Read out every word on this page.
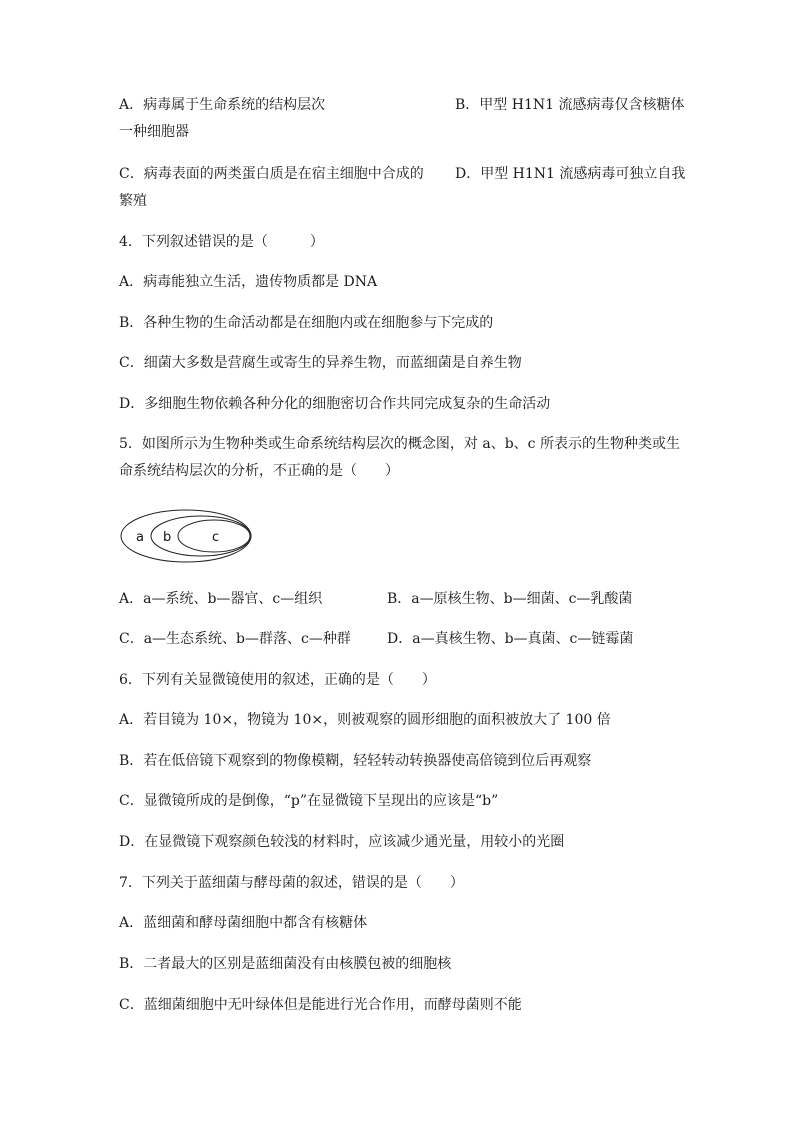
A．病毒属于生命系统的结构层次	B．甲型 H1N1 流感病毒仅含核糖体
一种细胞器
C．病毒表面的两类蛋白质是在宿主细胞中合成的 D．甲型 H1N1 流感病毒可独立自我
繁殖
4．下列叙述错误的是（　　　）
A．病毒能独立生活，遗传物质都是 DNA
B．各种生物的生命活动都是在细胞内或在细胞参与下完成的
C．细菌大多数是营腐生或寄生的异养生物，而蓝细菌是自养生物
D．多细胞生物依赖各种分化的细胞密切合作共同完成复杂的生命活动
5．如图所示为生物种类或生命系统结构层次的概念图，对 a、b、c 所表示的生物种类或生
命系统结构层次的分析，不正确的是（　　）
a b	c
A．a—系统、b—器官、c—组织	B．a—原核生物、b—细菌、c—乳酸菌
C．a—生态系统、b—群落、c—种群	D．a—真核生物、b—真菌、c—链霉菌
6．下列有关显微镜使用的叙述，正确的是（　　）
A．若目镜为 10×，物镜为 10×，则被观察的圆形细胞的面积被放大了 100 倍
B．若在低倍镜下观察到的物像模糊，轻轻转动转换器使高倍镜到位后再观察
C．显微镜所成的是倒像，“p”在显微镜下呈现出的应该是“b”
D．在显微镜下观察颜色较浅的材料时，应该减少通光量，用较小的光圈
7．下列关于蓝细菌与酵母菌的叙述，错误的是（　　）
A．蓝细菌和酵母菌细胞中都含有核糖体
B．二者最大的区别是蓝细菌没有由核膜包被的细胞核
C．蓝细菌细胞中无叶绿体但是能进行光合作用，而酵母菌则不能
